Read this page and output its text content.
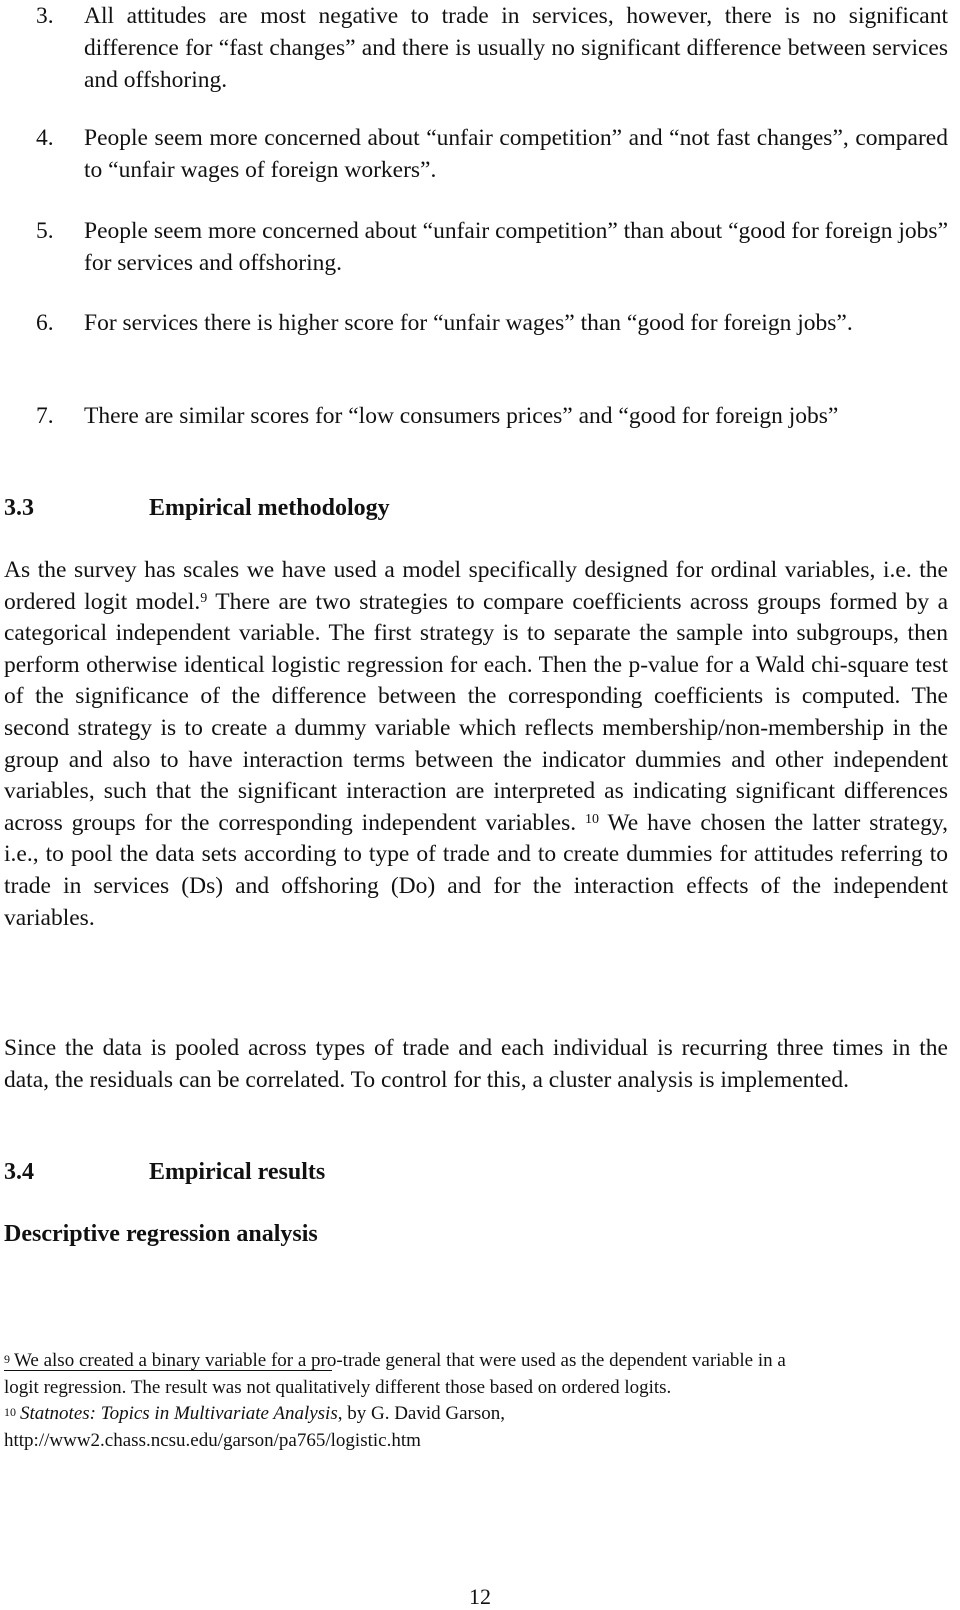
3.	All attitudes are most negative to trade in services, however, there is no significant difference for “fast changes” and there is usually no significant difference between services and offshoring.
4.	People seem more concerned about “unfair competition” and “not fast changes”, compared to “unfair wages of foreign workers”.
5.	People seem more concerned about “unfair competition” than about “good for foreign jobs” for services and offshoring.
6.	For services there is higher score for “unfair wages” than “good for foreign jobs”.
7.	There are similar scores for “low consumers prices” and “good for foreign jobs”
3.3	Empirical methodology
As the survey has scales we have used a model specifically designed for ordinal variables, i.e. the ordered logit model.$^9$ There are two strategies to compare coefficients across groups formed by a categorical independent variable. The first strategy is to separate the sample into subgroups, then perform otherwise identical logistic regression for each. Then the p-value for a Wald chi-square test of the significance of the difference between the corresponding coefficients is computed. The second strategy is to create a dummy variable which reflects membership/non-membership in the group and also to have interaction terms between the indicator dummies and other independent variables, such that the significant interaction are interpreted as indicating significant differences across groups for the corresponding independent variables. $^{10}$ We have chosen the latter strategy, i.e., to pool the data sets according to type of trade and to create dummies for attitudes referring to trade in services (Ds) and offshoring (Do) and for the interaction effects of the independent variables.
Since the data is pooled across types of trade and each individual is recurring three times in the data, the residuals can be correlated. To control for this, a cluster analysis is implemented.
3.4	Empirical results
Descriptive regression analysis
$^9$ We also created a binary variable for a pro-trade general that were used as the dependent variable in a
logit regression. The result was not qualitatively different those based on ordered logits.
$^{10}$ Statnotes: Topics in Multivariate Analysis, by G. David Garson,
http://www2.chass.ncsu.edu/garson/pa765/logistic.htm
12
